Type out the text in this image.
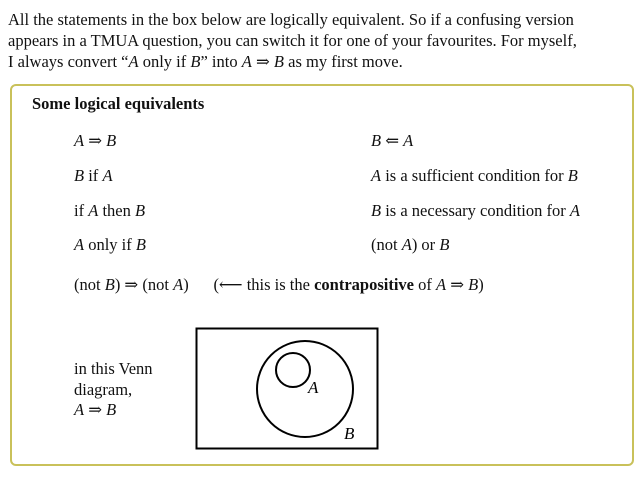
Some logical equivalents
All the statements in the box below are logically equivalent. So if a confusing version
appears in a TMUA question, you can switch it for one of your favourites. For myself,
I always convert “A only if B” into A ⇒ B as my first move.
A ⇒ B
B if A
if A then B
A only if B
B ⇐ A
A is a sufficient condition for B
B is a necessary condition for A
(not A) or B
(not B) ⇒ (not A)  (⟵ this is the contrapositive of A ⇒ B)
in this Venn
diagram,
A ⇒ B
A
B
